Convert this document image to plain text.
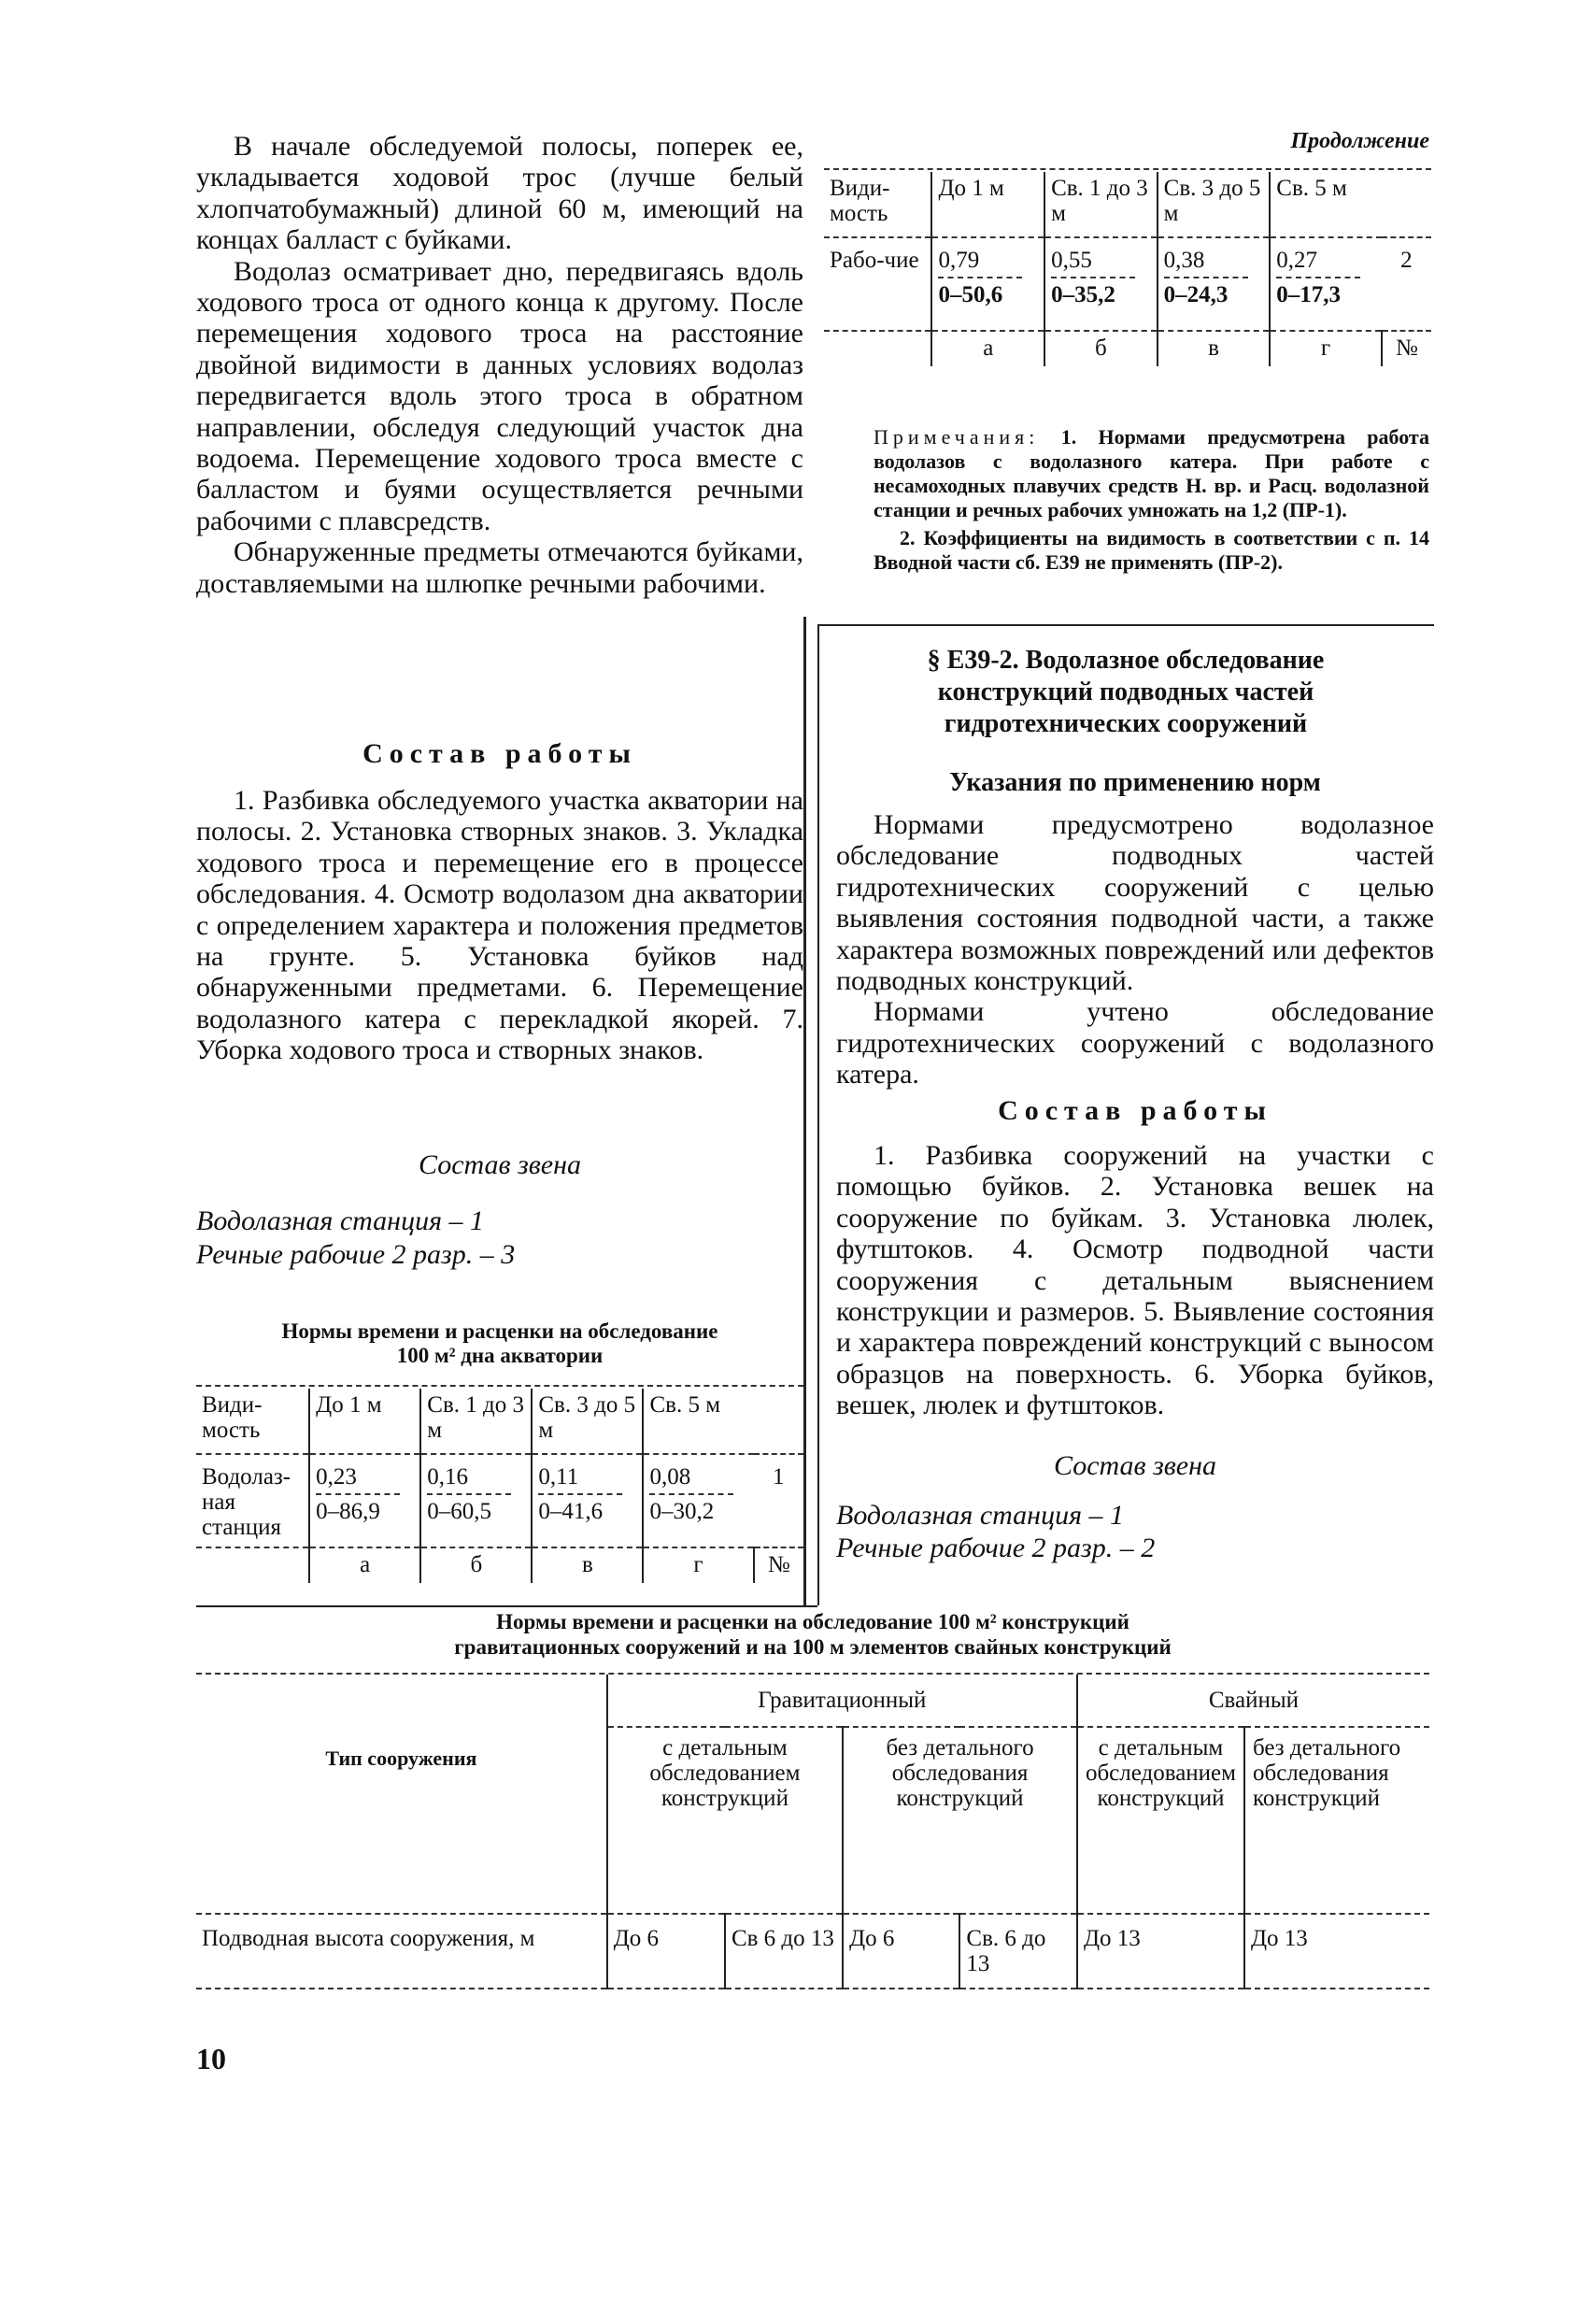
В начале обследуемой полосы, поперек ее, укладывается ходовой трос (лучше белый хлопчатобумажный) длиной 60 м, имеющий на концах балласт с буйками.

Водолаз осматривает дно, передвигаясь вдоль ходового троса от одного конца к другому. После перемещения ходового троса на расстояние двойной видимости в данных условиях водолаз передвигается вдоль этого троса в обратном направлении, обследуя следующий участок дна водоема. Перемещение ходового троса вместе с балластом и буями осуществляется речными рабочими с плавсредств.

Обнаруженные предметы отмечаются буйками, доставляемыми на шлюпке речными рабочими.

Состав работы

1. Разбивка обследуемого участка акватории на полосы. 2. Установка створных знаков. 3. Укладка ходового троса и перемещение его в процессе обследования. 4. Осмотр водолазом дна акватории с определением характера и положения предметов на грунте. 5. Установка буйков над обнаруженными предметами. 6. Перемещение водолазного катера с перекладкой якорей. 7. Уборка ходового троса и створных знаков.

Состав звена
Водолазная станция – 1
Речные рабочие 2 разр. – 3
Нормы времени и расценки на обследование
100 м² дна акватории
Види-мость	До 1 м	Св. 1 до 3 м	Св. 3 до 5 м	Св. 5 м	
Водолаз-ная станция	$\frac{0,23}{0-86,9}$	$\frac{0,16}{0-60,5}$	$\frac{0,11}{0-41,6}$	$\frac{0,08}{0-30,2}$	1
	а	б	в	г	№
Продолжение
Види-мость	До 1 м	Св. 1 до 3 м	Св. 3 до 5 м	Св. 5 м	
Рабо-чие	$\frac{0,79}{0-50,6}$	$\frac{0,55}{0-35,2}$	$\frac{0,38}{0-24,3}$	$\frac{0,27}{0-17,3}$	2
	а	б	в	г	№
Примечания: 1. Нормами предусмотрена работа водолазов с водолазного катера. При работе с несамоходных плавучих средств Н. вр. и Расц. водолазной станции и речных рабочих умножать на 1,2 (ПР-1).
2. Коэффициенты на видимость в соответствии с п. 14 Вводной части сб. Е39 не применять (ПР-2).
§ Е39-2. Водолазное обследование конструкций подводных частей гидротехнических сооружений
Указания по применению норм

Нормами предусмотрено водолазное обследование подводных частей гидротехнических сооружений с целью выявления состояния подводной части, а также характера возможных повреждений или дефектов подводных конструкций.

Нормами учтено обследование гидротехнических сооружений с водолазного катера.

Состав работы

1. Разбивка сооружений на участки с помощью буйков. 2. Установка вешек на сооружение по буйкам. 3. Установка люлек, футштоков. 4. Осмотр подводной части сооружения с детальным выяснением конструкции и размеров. 5. Выявление состояния и характера повреждений конструкций с выносом образцов на поверхность. 6. Уборка буйков, вешек, люлек и футштоков.

Состав звена
Водолазная станция – 1
Речные рабочие 2 разр. – 2
Нормы времени и расценки на обследование 100 м² конструкций
гравитационных сооружений и на 100 м элементов свайных конструкций
Тип сооружения	Гравитационный				Свайный	
	с детальным обследованием конструкций		без детального обследования конструкций		с детальным обследованием конструкций	без детального обследования конструкций
Подводная высота сооружения, м	До 6	Св 6 до 13	До 6	Св. 6 до 13	До 13	До 13
10
